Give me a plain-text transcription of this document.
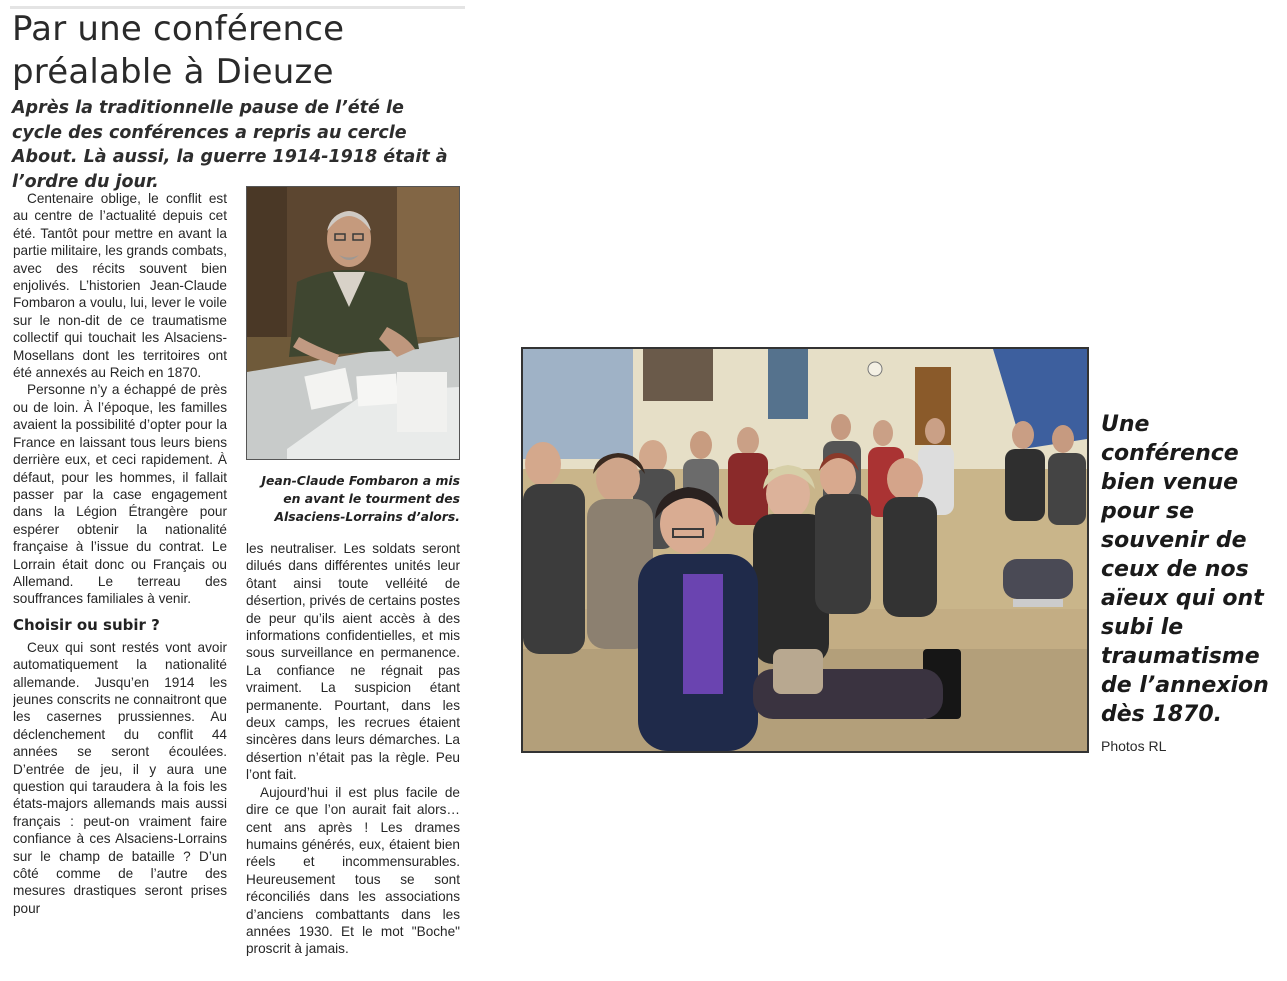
Par une conférence
préalable à Dieuze

Après la traditionnelle pause de l’été le cycle des conférences a repris au cercle About. Là aussi, la guerre 1914-1918 était à l’ordre du jour.

Centenaire oblige, le conflit est au centre de l’actualité depuis cet été. Tantôt pour mettre en avant la partie militaire, les grands combats, avec des récits souvent bien enjolivés. L’historien Jean-Claude Fombaron a voulu, lui, lever le voile sur le non-dit de ce traumatisme collectif qui touchait les Alsaciens-Mosellans dont les territoires ont été annexés au Reich en 1870.

Personne n’y a échappé de près ou de loin. À l’époque, les familles avaient la possibilité d’opter pour la France en laissant tous leurs biens derrière eux, et ceci rapidement. À défaut, pour les hommes, il fallait passer par la case engagement dans la Légion Étrangère pour espérer obtenir la nationalité française à l’issue du contrat. Le Lorrain était donc ou Français ou Allemand. Le terreau des souffrances familiales à venir.

Choisir ou subir ?

Ceux qui sont restés vont avoir automatiquement la nationalité allemande. Jusqu’en 1914 les jeunes conscrits ne connaitront que les casernes prussiennes. Au déclenchement du conflit 44 années se seront écoulées. D’entrée de jeu, il y aura une question qui taraudera à la fois les états-majors allemands mais aussi français : peut-on vraiment faire confiance à ces Alsaciens-Lorrains sur le champ de bataille ? D’un côté comme de l’autre des mesures drastiques seront prises pour

Jean-Claude Fombaron a mis en avant le tourment des Alsaciens-Lorrains d’alors.

les neutraliser. Les soldats seront dilués dans différentes unités leur ôtant ainsi toute velléité de désertion, privés de certains postes de peur qu’ils aient accès à des informations confidentielles, et mis sous surveillance en permanence. La confiance ne régnait pas vraiment. La suspicion étant permanente. Pourtant, dans les deux camps, les recrues étaient sincères dans leurs démarches. La désertion n’était pas la règle. Peu l’ont fait.

Aujourd’hui il est plus facile de dire ce que l’on aurait fait alors… cent ans après ! Les drames humains générés, eux, étaient bien réels et incommensurables. Heureusement tous se sont réconciliés dans les associations d’anciens combattants dans les années 1930. Et le mot "Boche" proscrit à jamais.

Une conférence bien venue pour se souvenir de ceux de nos aïeux qui ont subi le traumatisme de l’annexion dès 1870.

Photos RL
